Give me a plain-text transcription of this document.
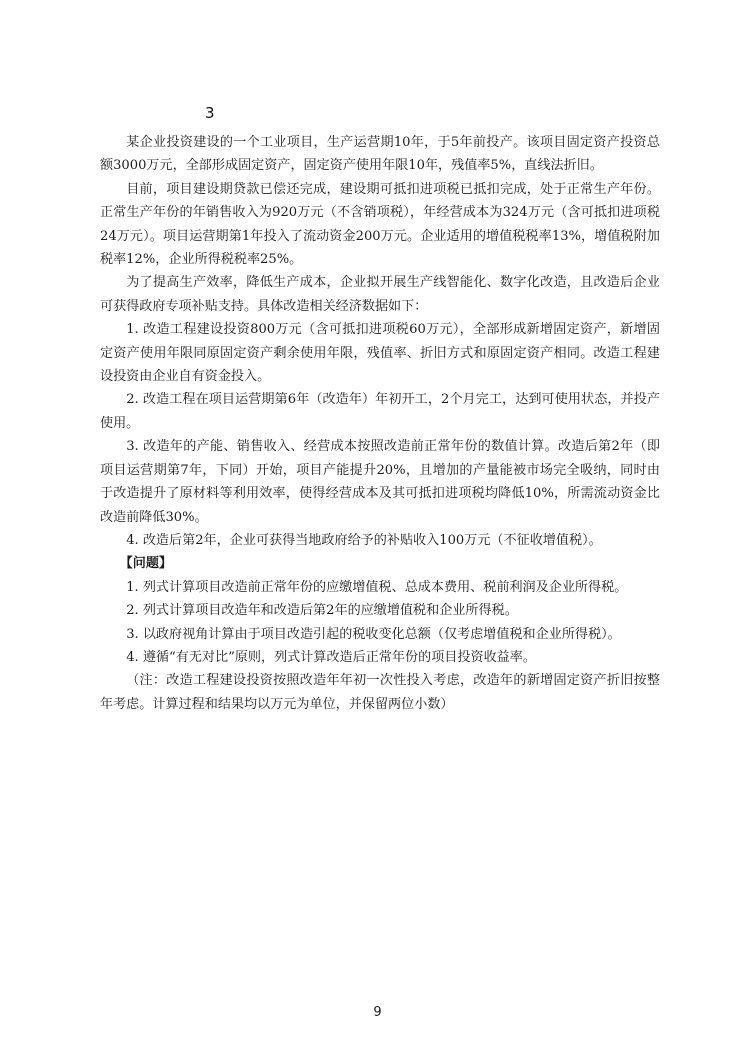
3

某企业投资建设的一个工业项目，生产运营期10年，于5年前投产。该项目固定资产投资总额3000万元，全部形成固定资产，固定资产使用年限10年，残值率5%，直线法折旧。

目前，项目建设期贷款已偿还完成，建设期可抵扣进项税已抵扣完成，处于正常生产年份。正常生产年份的年销售收入为920万元（不含销项税），年经营成本为324万元（含可抵扣进项税24万元）。项目运营期第1年投入了流动资金200万元。企业适用的增值税税率13%，增值税附加税率12%，企业所得税税率25%。

为了提高生产效率，降低生产成本，企业拟开展生产线智能化、数字化改造，且改造后企业可获得政府专项补贴支持。具体改造相关经济数据如下：

1. 改造工程建设投资800万元（含可抵扣进项税60万元），全部形成新增固定资产，新增固定资产使用年限同原固定资产剩余使用年限，残值率、折旧方式和原固定资产相同。改造工程建设投资由企业自有资金投入。

2. 改造工程在项目运营期第6年（改造年）年初开工，2个月完工，达到可使用状态，并投产使用。

3. 改造年的产能、销售收入、经营成本按照改造前正常年份的数值计算。改造后第2年（即项目运营期第7年，下同）开始，项目产能提升20%，且增加的产量能被市场完全吸纳，同时由于改造提升了原材料等利用效率，使得经营成本及其可抵扣进项税均降低10%，所需流动资金比改造前降低30%。

4. 改造后第2年，企业可获得当地政府给予的补贴收入100万元（不征收增值税）。

【问题】

1. 列式计算项目改造前正常年份的应缴增值税、总成本费用、税前利润及企业所得税。

2. 列式计算项目改造年和改造后第2年的应缴增值税和企业所得税。

3. 以政府视角计算由于项目改造引起的税收变化总额（仅考虑增值税和企业所得税）。

4. 遵循“有无对比”原则，列式计算改造后正常年份的项目投资收益率。

（注：改造工程建设投资按照改造年年初一次性投入考虑，改造年的新增固定资产折旧按整年考虑。计算过程和结果均以万元为单位，并保留两位小数）

9
